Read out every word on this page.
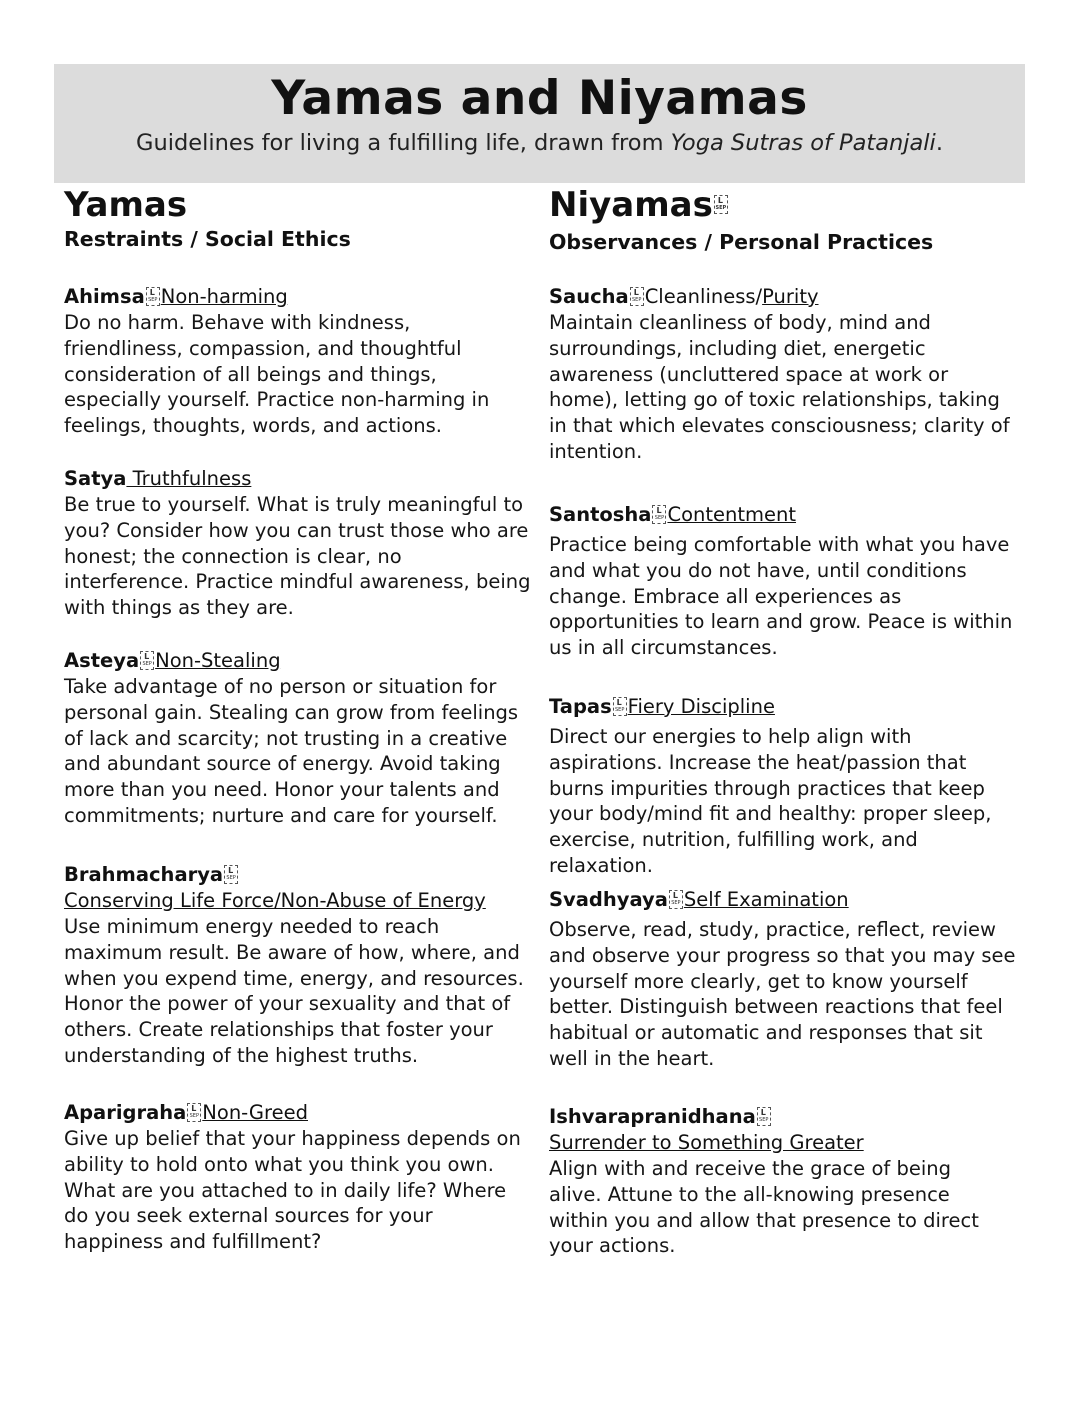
Yamas and Niyamas

Guidelines for living a fulfilling life, drawn from Yoga Sutras of Patanjali.

Yamas
Restraints / Social Ethics
Ahimsa L SEP Non-harming

Do no harm. Behave with kindness, friendliness, compassion, and thoughtful consideration of all beings and things, especially yourself. Practice non-harming in feelings, thoughts, words, and actions.

Satya Truthfulness

Be true to yourself. What is truly meaningful to you? Consider how you can trust those who are honest; the connection is clear, no interference. Practice mindful awareness, being with things as they are.

Asteya L SEP Non-Stealing

Take advantage of no person or situation for personal gain. Stealing can grow from feelings of lack and scarcity; not trusting in a creative and abundant source of energy. Avoid taking more than you need. Honor your talents and commitments; nurture and care for yourself.

BrahmacharyaL SEP
Conserving Life Force/Non-Abuse of Energy

Use minimum energy needed to reach maximum result. Be aware of how, where, and when you expend time, energy, and resources. Honor the power of your sexuality and that of others. Create relationships that foster your understanding of the highest truths.

Aparigraha L SEP Non-Greed

Give up belief that your happiness depends on ability to hold onto what you think you own. What are you attached to in daily life? Where do you seek external sources for your happiness and fulfillment?

NiyamasL SEP
Observances / Personal Practices
Saucha L SEP Cleanliness/Purity

Maintain cleanliness of body, mind and surroundings, including diet, energetic awareness (uncluttered space at work or home), letting go of toxic relationships, taking in that which elevates consciousness; clarity of intention.

Santosha L SEP Contentment

Practice being comfortable with what you have and what you do not have, until conditions change. Embrace all experiences as opportunities to learn and grow. Peace is within us in all circumstances.

Tapas L SEP Fiery Discipline

Direct our energies to help align with aspirations. Increase the heat/passion that burns impurities through practices that keep your body/mind fit and healthy: proper sleep, exercise, nutrition, fulfilling work, and relaxation.

Svadhyaya L SEP Self Examination

Observe, read, study, practice, reflect, review and observe your progress so that you may see yourself more clearly, get to know yourself better. Distinguish between reactions that feel habitual or automatic and responses that sit well in the heart.

IshvarapranidhanaL SEP
Surrender to Something Greater

Align with and receive the grace of being alive. Attune to the all-knowing presence within you and allow that presence to direct your actions.
